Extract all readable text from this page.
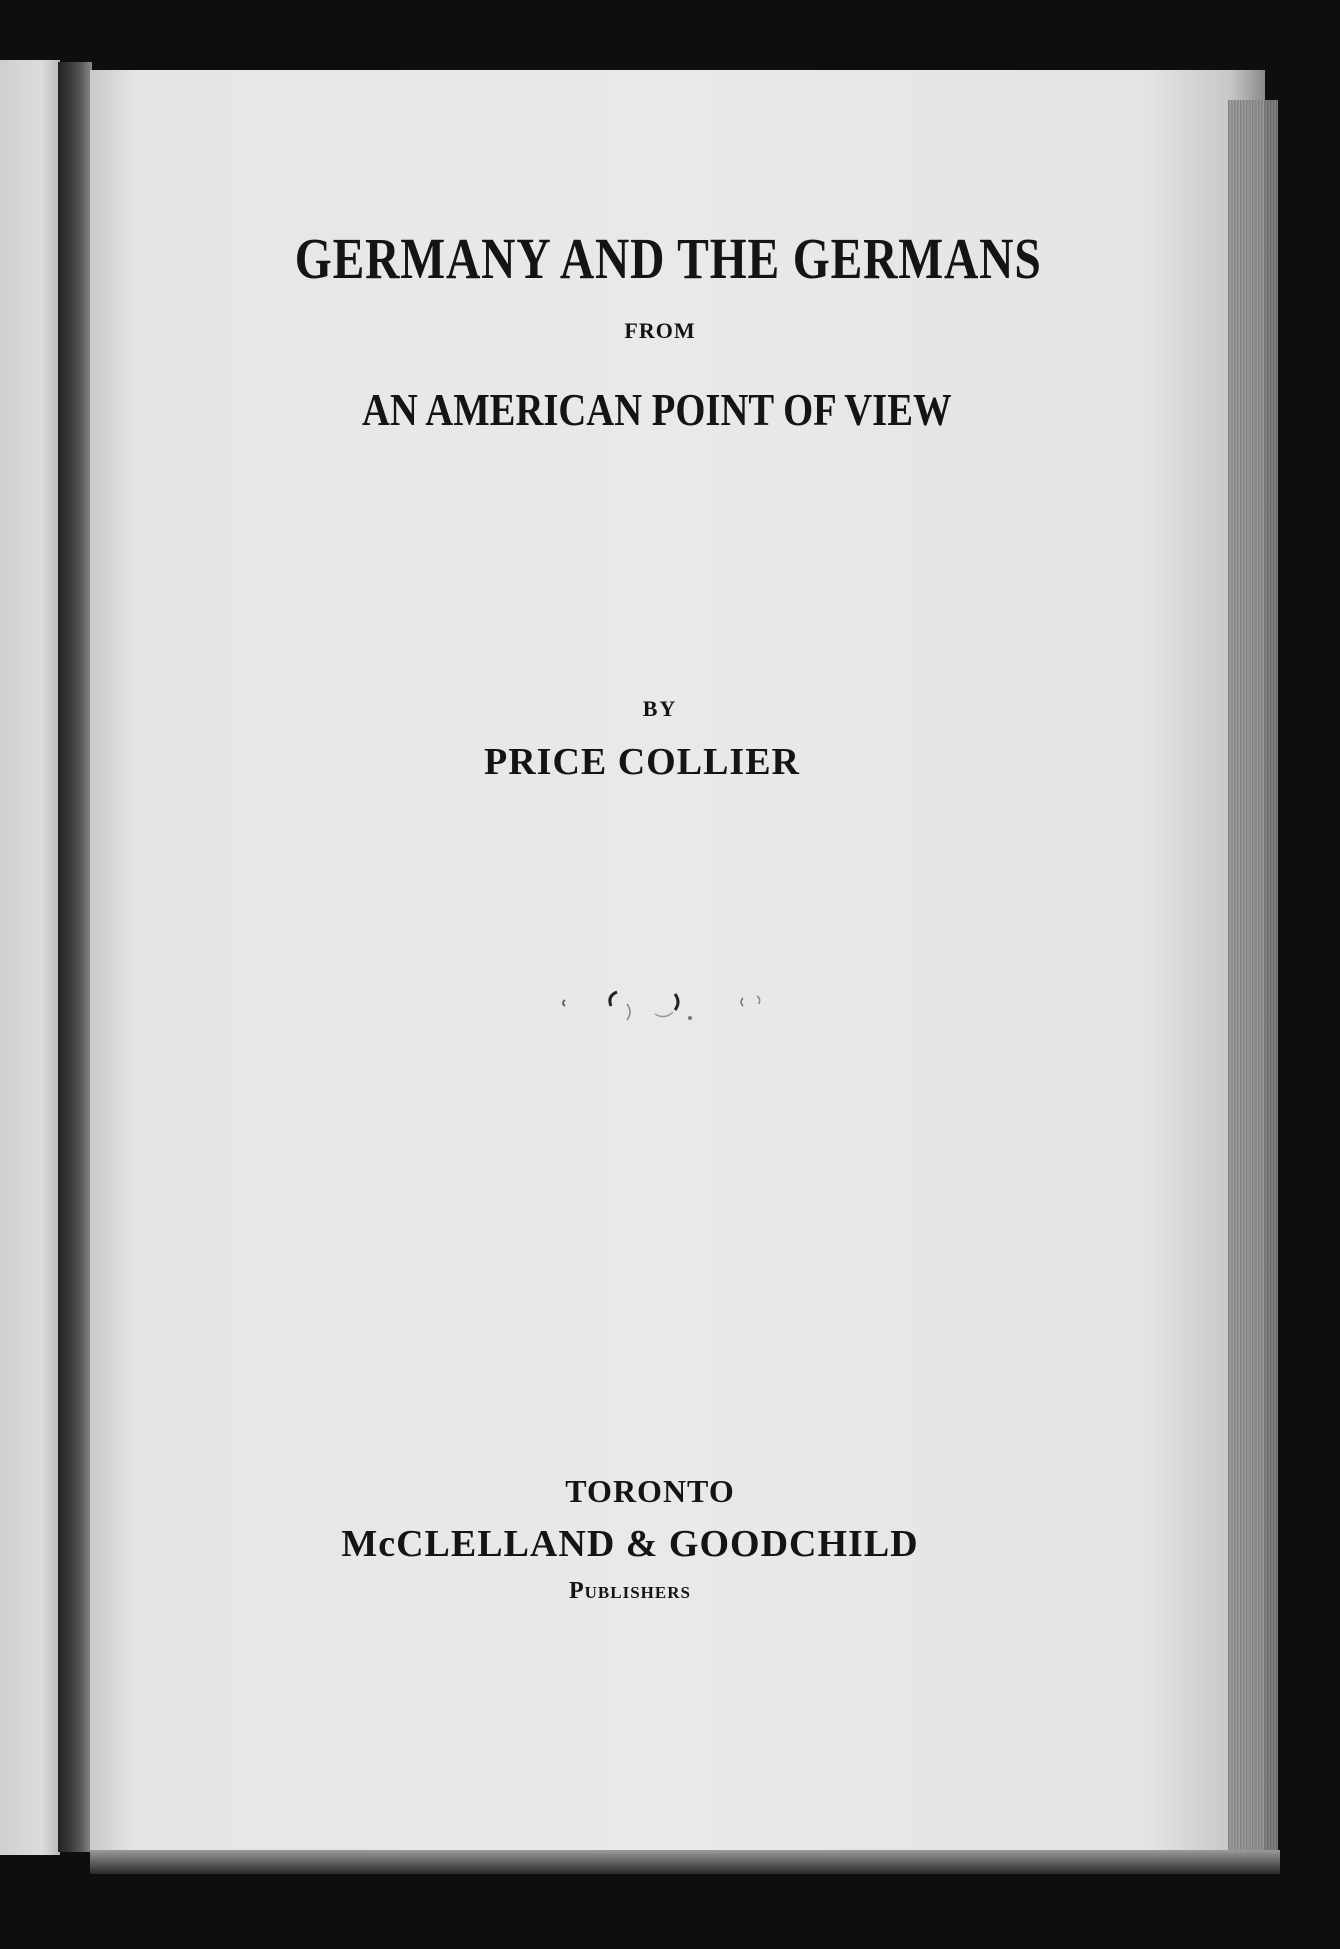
GERMANY AND THE GERMANS
FROM
AN AMERICAN POINT OF VIEW
BY
PRICE COLLIER
TORONTO
McCLELLAND & GOODCHILD
Publishers
